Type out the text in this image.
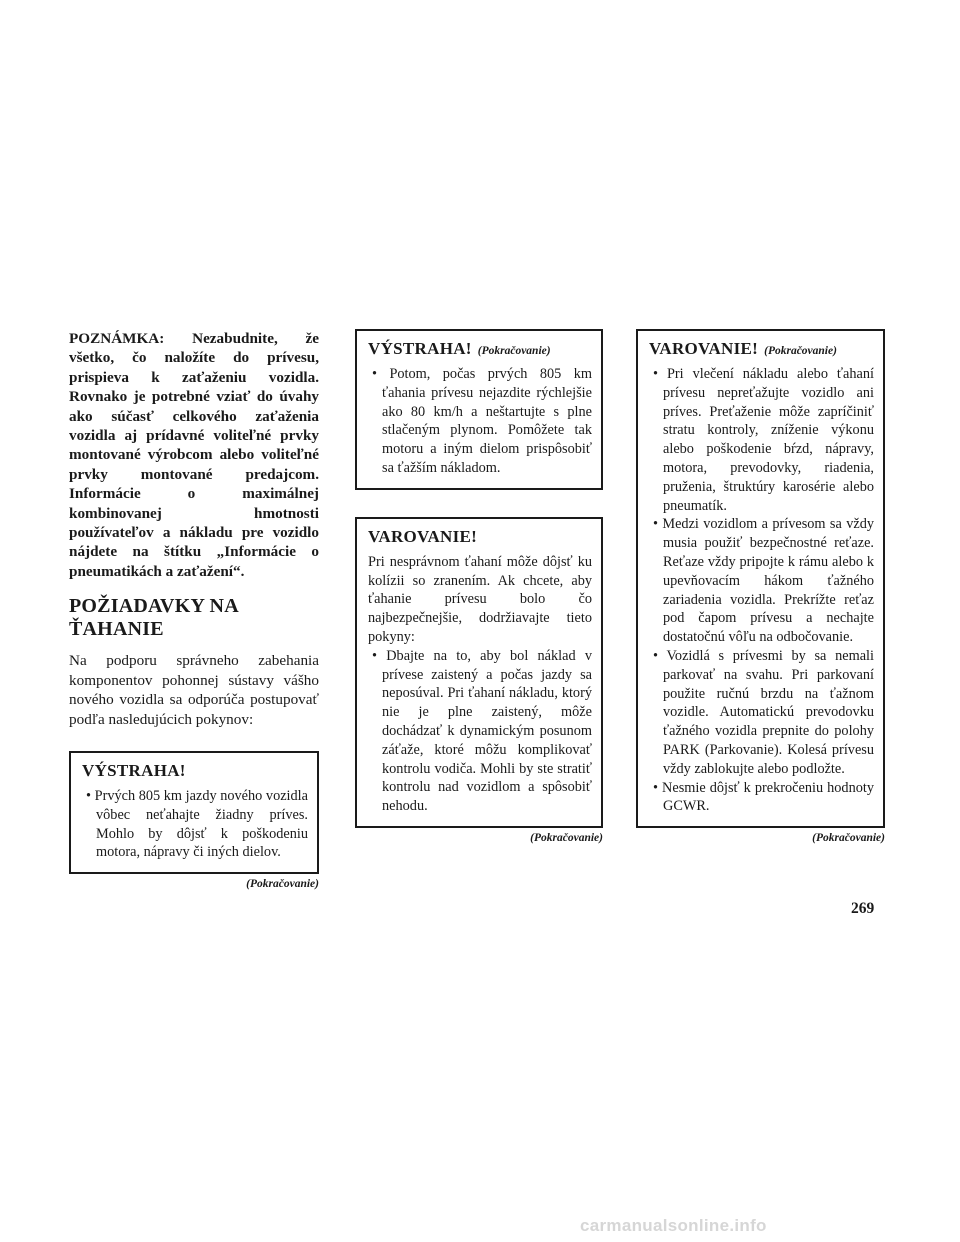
POZNÁMKA: Nezabudnite, že všetko, čo naložíte do prívesu, prispieva k zaťaženiu vozidla. Rovnako je potrebné vziať do úvahy ako súčasť celkového zaťaženia vozidla aj prídavné voliteľné prvky montované výrobcom alebo voliteľné prvky montované predajcom. Informácie o maximálnej kombinovanej hmotnosti používateľov a nákladu pre vozidlo nájdete na štítku „Informácie o pneumatikách a zaťažení“.

POŽIADAVKY NA
ŤAHANIE

Na podporu správneho zabehania komponentov pohonnej sústavy vášho nového vozidla sa odporúča postupovať podľa nasledujúcich pokynov:

VÝSTRAHA!
• Prvých 805 km jazdy nového vozidla vôbec neťahajte žiadny príves. Mohlo by dôjsť k poškodeniu motora, nápravy či iných dielov.
(Pokračovanie)
VÝSTRAHA! (Pokračovanie)
• Potom, počas prvých 805 km ťahania prívesu nejazdite rýchlejšie ako 80 km/h a neštartujte s plne stlačeným plynom. Pomôžete tak motoru a iným dielom prispôsobiť sa ťažším nákladom.
VAROVANIE!

Pri nesprávnom ťahaní môže dôjsť ku kolízii so zranením. Ak chcete, aby ťahanie prívesu bolo čo najbezpečnejšie, dodržiavajte tieto pokyny:

• Dbajte na to, aby bol náklad v prívese zaistený a počas jazdy sa neposúval. Pri ťahaní nákladu, ktorý nie je plne zaistený, môže dochádzať k dynamickým posunom záťaže, ktoré môžu komplikovať kontrolu vodiča. Mohli by ste stratiť kontrolu nad vozidlom a spôsobiť nehodu.
(Pokračovanie)
VAROVANIE! (Pokračovanie)
• Pri vlečení nákladu alebo ťahaní prívesu nepreťažujte vozidlo ani príves. Preťaženie môže zapríčiniť stratu kontroly, zníženie výkonu alebo poškodenie bŕzd, nápravy, motora, prevodovky, riadenia, pruženia, štruktúry karosérie alebo pneumatík.
• Medzi vozidlom a prívesom sa vždy musia použiť bezpečnostné reťaze. Reťaze vždy pripojte k rámu alebo k upevňovacím hákom ťažného zariadenia vozidla. Prekrížte reťaz pod čapom prívesu a nechajte dostatočnú vôľu na odbočovanie.
• Vozidlá s prívesmi by sa nemali parkovať na svahu. Pri parkovaní použite ručnú brzdu na ťažnom vozidle. Automatickú prevodovku ťažného vozidla prepnite do polohy PARK (Parkovanie). Kolesá prívesu vždy zablokujte alebo podložte.
• Nesmie dôjsť k prekročeniu hodnoty GCWR.
(Pokračovanie)
269
carmanualsonline.info
